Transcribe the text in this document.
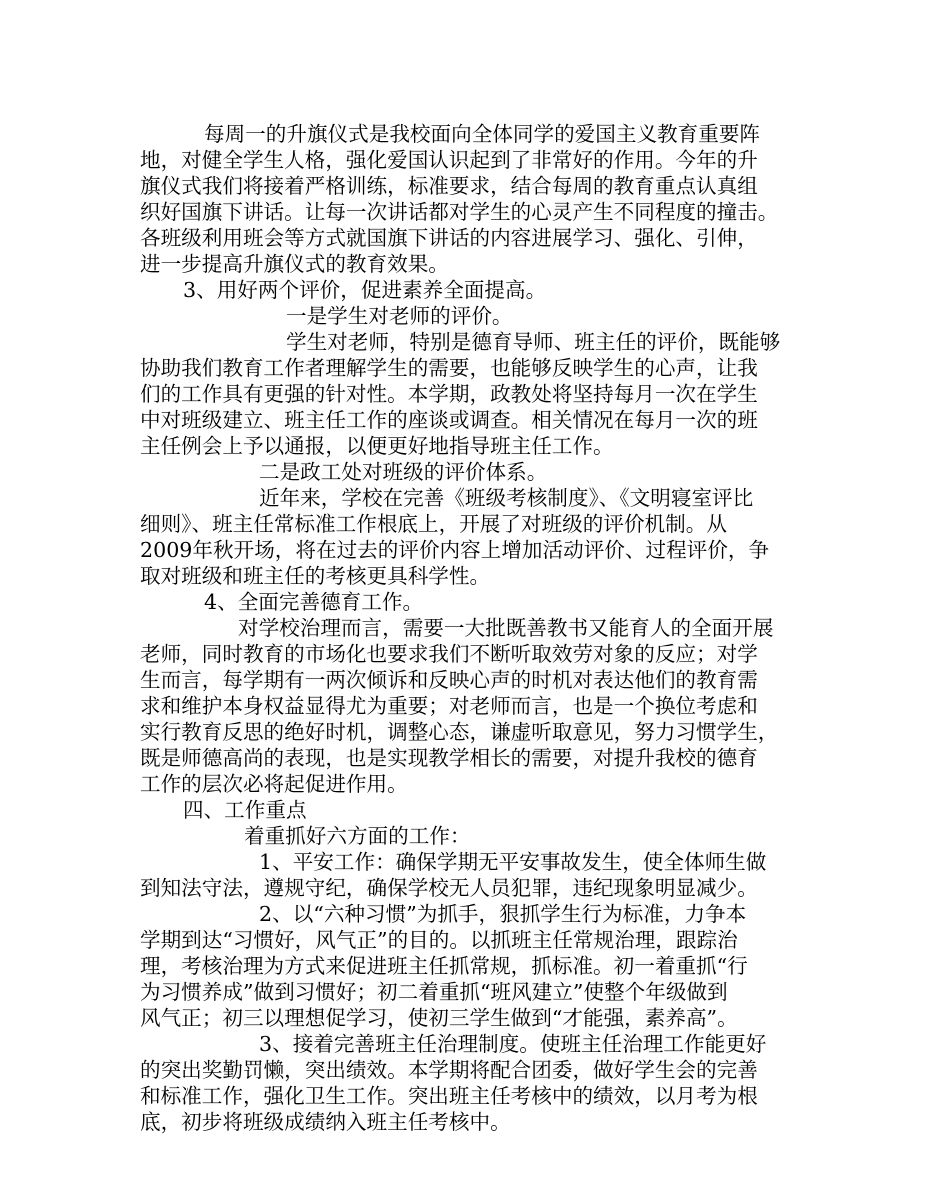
每周一的升旗仪式是我校面向全体同学的爱国主义教育重要阵
地，对健全学生人格，强化爱国认识起到了非常好的作用。今年的升
旗仪式我们将接着严格训练，标准要求，结合每周的教育重点认真组
织好国旗下讲话。让每一次讲话都对学生的心灵产生不同程度的撞击。
各班级利用班会等方式就国旗下讲话的内容进展学习、强化、引伸，
进一步提高升旗仪式的教育效果。
3、用好两个评价，促进素养全面提高。
一是学生对老师的评价。
学生对老师，特别是德育导师、班主任的评价，既能够
协助我们教育工作者理解学生的需要，也能够反映学生的心声，让我
们的工作具有更强的针对性。本学期，政教处将坚持每月一次在学生
中对班级建立、班主任工作的座谈或调查。相关情况在每月一次的班
主任例会上予以通报，以便更好地指导班主任工作。
二是政工处对班级的评价体系。
近年来，学校在完善《班级考核制度》、《文明寝室评比
细则》、班主任常标准工作根底上，开展了对班级的评价机制。从
2009年秋开场，将在过去的评价内容上增加活动评价、过程评价，争
取对班级和班主任的考核更具科学性。
4、全面完善德育工作。
对学校治理而言，需要一大批既善教书又能育人的全面开展
老师，同时教育的市场化也要求我们不断听取效劳对象的反应；对学
生而言，每学期有一两次倾诉和反映心声的时机对表达他们的教育需
求和维护本身权益显得尤为重要；对老师而言，也是一个换位考虑和
实行教育反思的绝好时机，调整心态，谦虚听取意见，努力习惯学生，
既是师德高尚的表现，也是实现教学相长的需要，对提升我校的德育
工作的层次必将起促进作用。
四、工作重点
着重抓好六方面的工作：
1、平安工作：确保学期无平安事故发生，使全体师生做
到知法守法，遵规守纪，确保学校无人员犯罪，违纪现象明显减少。
2、以“六种习惯”为抓手，狠抓学生行为标准，力争本
学期到达“习惯好，风气正”的目的。以抓班主任常规治理，跟踪治
理，考核治理为方式来促进班主任抓常规，抓标准。初一着重抓“行
为习惯养成”做到习惯好；初二着重抓“班风建立”使整个年级做到
风气正；初三以理想促学习，使初三学生做到“才能强，素养高”。
3、接着完善班主任治理制度。使班主任治理工作能更好
的突出奖勤罚懒，突出绩效。本学期将配合团委，做好学生会的完善
和标准工作，强化卫生工作。突出班主任考核中的绩效，以月考为根
底，初步将班级成绩纳入班主任考核中。
